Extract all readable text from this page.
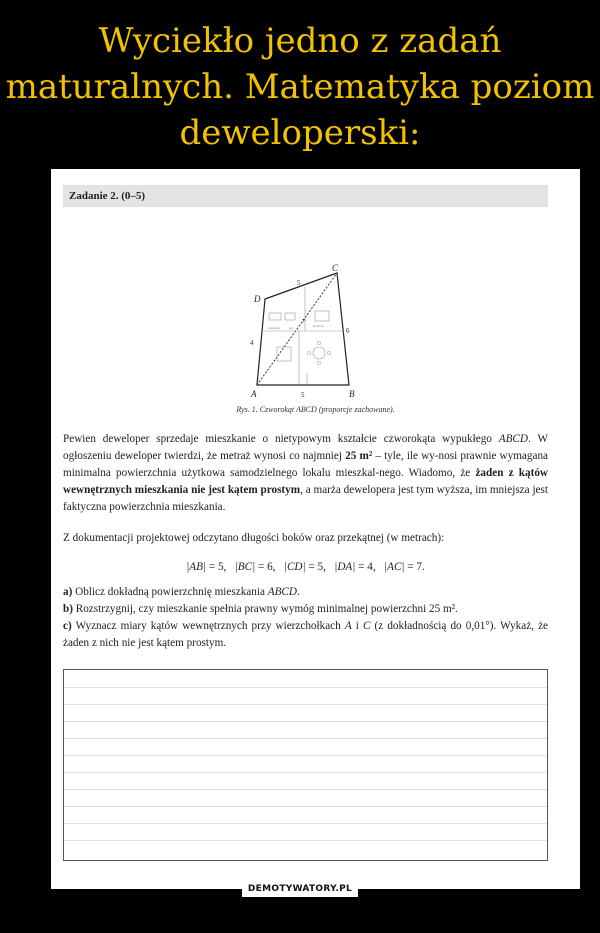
Wyciekło jedno z zadań
maturalnych. Matematyka poziom
deweloperski:
Zadanie 2. (0–5)
łazienka	hol	kuchnia
A	B
C
D
5
6
5
4
7
Rys. 1. Czworokąt ABCD (proporcje zachowane).

Pewien deweloper sprzedaje mieszkanie o nietypowym kształcie czworokąta wypukłego ABCD. W ogłoszeniu deweloper twierdzi, że metraż wynosi co najmniej 25 m² – tyle, ile wy-nosi prawnie wymagana minimalna powierzchnia użytkowa samodzielnego lokalu mieszkal-nego. Wiadomo, że żaden z kątów wewnętrznych mieszkania nie jest kątem prostym, a marża dewelopera jest tym wyższa, im mniejsza jest faktyczna powierzchnia mieszkania.

Z dokumentacji projektowej odczytano długości boków oraz przekątnej (w metrach):

|AB| = 5, |BC| = 6, |CD| = 5, |DA| = 4, |AC| = 7.

a) Oblicz dokładną powierzchnię mieszkania ABCD.
b) Rozstrzygnij, czy mieszkanie spełnia prawny wymóg minimalnej powierzchni 25 m².
c) Wyznacz miary kątów wewnętrznych przy wierzchołkach A i C (z dokładnością do 0,01°). Wykaż, że żaden z nich nie jest kątem prostym.
DEMOTYWATORY.PL
